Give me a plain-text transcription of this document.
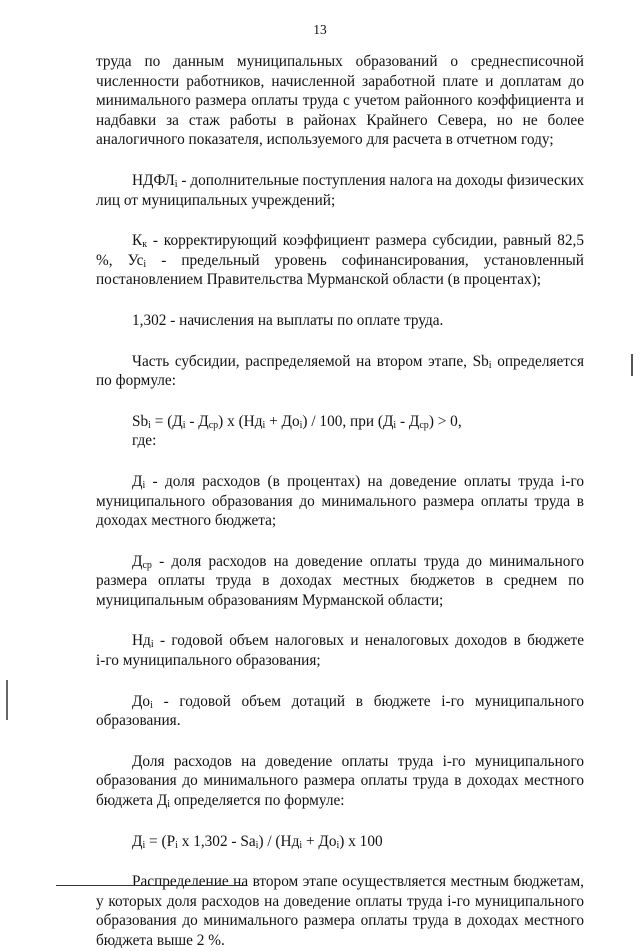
13
труда по данным муниципальных образований о среднесписочной
численности работников, начисленной заработной плате и доплатам до
минимального размера оплаты труда с учетом районного коэффициента и
надбавки за стаж работы в районах Крайнего Севера, но не более
аналогичного показателя, используемого для расчета в отчетном году;
$НДФЛ_i$ - дополнительные поступления налога на доходы физических
лиц от муниципальных учреждений;
$К_к$ - корректирующий коэффициент размера субсидии, равный 82,5
%, $Ус_i$ - предельный уровень софинансирования, установленный
постановлением Правительства Мурманской области (в процентах);
1,302 - начисления на выплаты по оплате труда.
Часть субсидии, распределяемой на втором этапе, $Sb_i$ определяется
по формуле:
$Sb_i = (Д_i - Д_{ср})$ х $(Нд_i + До_i) / 100$, при $(Д_i - Д_{ср}) > 0$,
где:
$Д_i$ - доля расходов (в процентах) на доведение оплаты труда i-го
муниципального образования до минимального размера оплаты труда в
доходах местного бюджета;
$Д_{ср}$ - доля расходов на доведение оплаты труда до минимального
размера оплаты труда в доходах местных бюджетов в среднем по
муниципальным образованиям Мурманской области;
$Нд_i$ - годовой объем налоговых и неналоговых доходов в бюджете
i-го муниципального образования;
$До_i$ - годовой объем дотаций в бюджете i-го муниципального
образования.
Доля расходов на доведение оплаты труда i-го муниципального
образования до минимального размера оплаты труда в доходах местного
бюджета $Д_i$ определяется по формуле:
$Д_i = (Р_i$ х $1,302 - Sa_i) / (Нд_i + До_i)$ х 100
Распределение на втором этапе осуществляется местным бюджетам,
у которых доля расходов на доведение оплаты труда i-го муниципального
образования до минимального размера оплаты труда в доходах местного
бюджета выше 2 %.
